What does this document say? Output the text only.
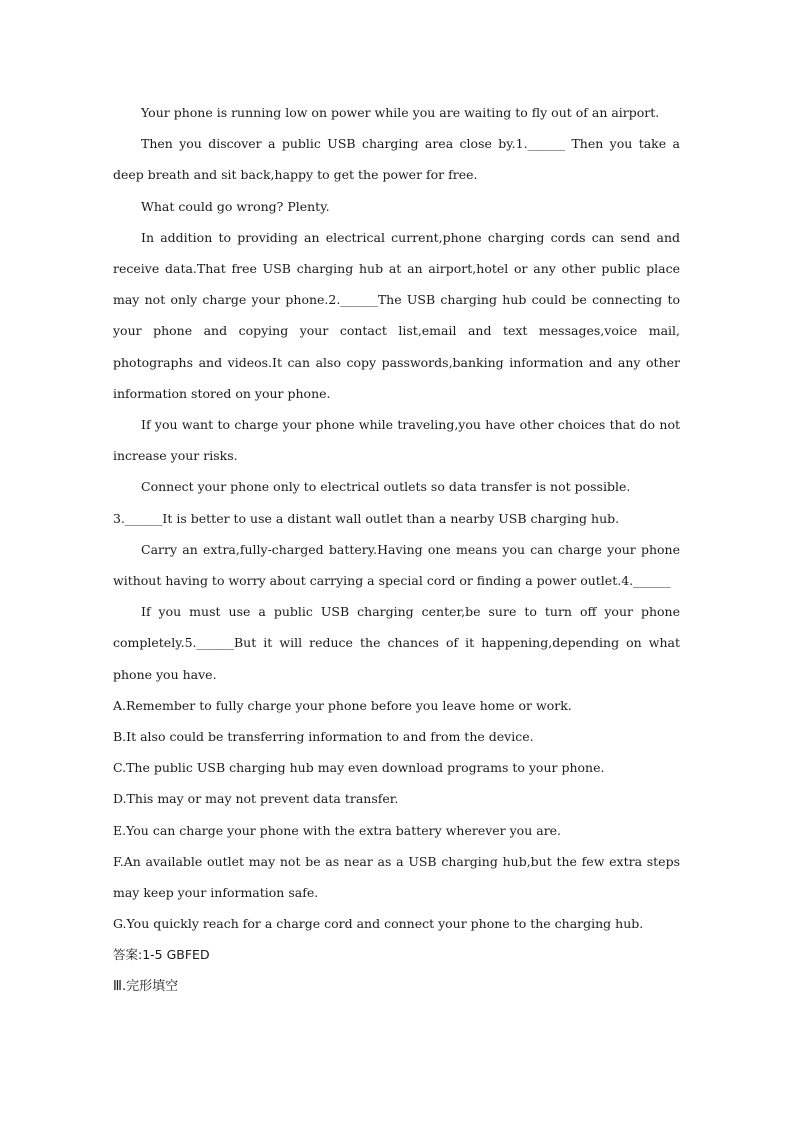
Your phone is running low on power while you are waiting to fly out of an airport.

Then you discover a public USB charging area close by.1.______ Then you take a deep breath and sit back,happy to get the power for free.

What could go wrong? Plenty.

In addition to providing an electrical current,phone charging cords can send and receive data.That free USB charging hub at an airport,hotel or any other public place may not only charge your phone.2.______The USB charging hub could be connecting to your phone and copying your contact list,email and text messages,voice mail, photographs and videos.It can also copy passwords,banking information and any other information stored on your phone.

If you want to charge your phone while traveling,you have other choices that do not increase your risks.

Connect your phone only to electrical outlets so data transfer is not possible.

3.______It is better to use a distant wall outlet than a nearby USB charging hub.

Carry an extra,fully-charged battery.Having one means you can charge your phone without having to worry about carrying a special cord or finding a power outlet.4.______

If you must use a public USB charging center,be sure to turn off your phone completely.5.______But it will reduce the chances of it happening,depending on what phone you have.

A.Remember to fully charge your phone before you leave home or work.

B.It also could be transferring information to and from the device.

C.The public USB charging hub may even download programs to your phone.

D.This may or may not prevent data transfer.

E.You can charge your phone with the extra battery wherever you are.

F.An available outlet may not be as near as a USB charging hub,but the few extra steps may keep your information safe.

G.You quickly reach for a charge cord and connect your phone to the charging hub.

答案:1-5 GBFED

Ⅲ.完形填空
